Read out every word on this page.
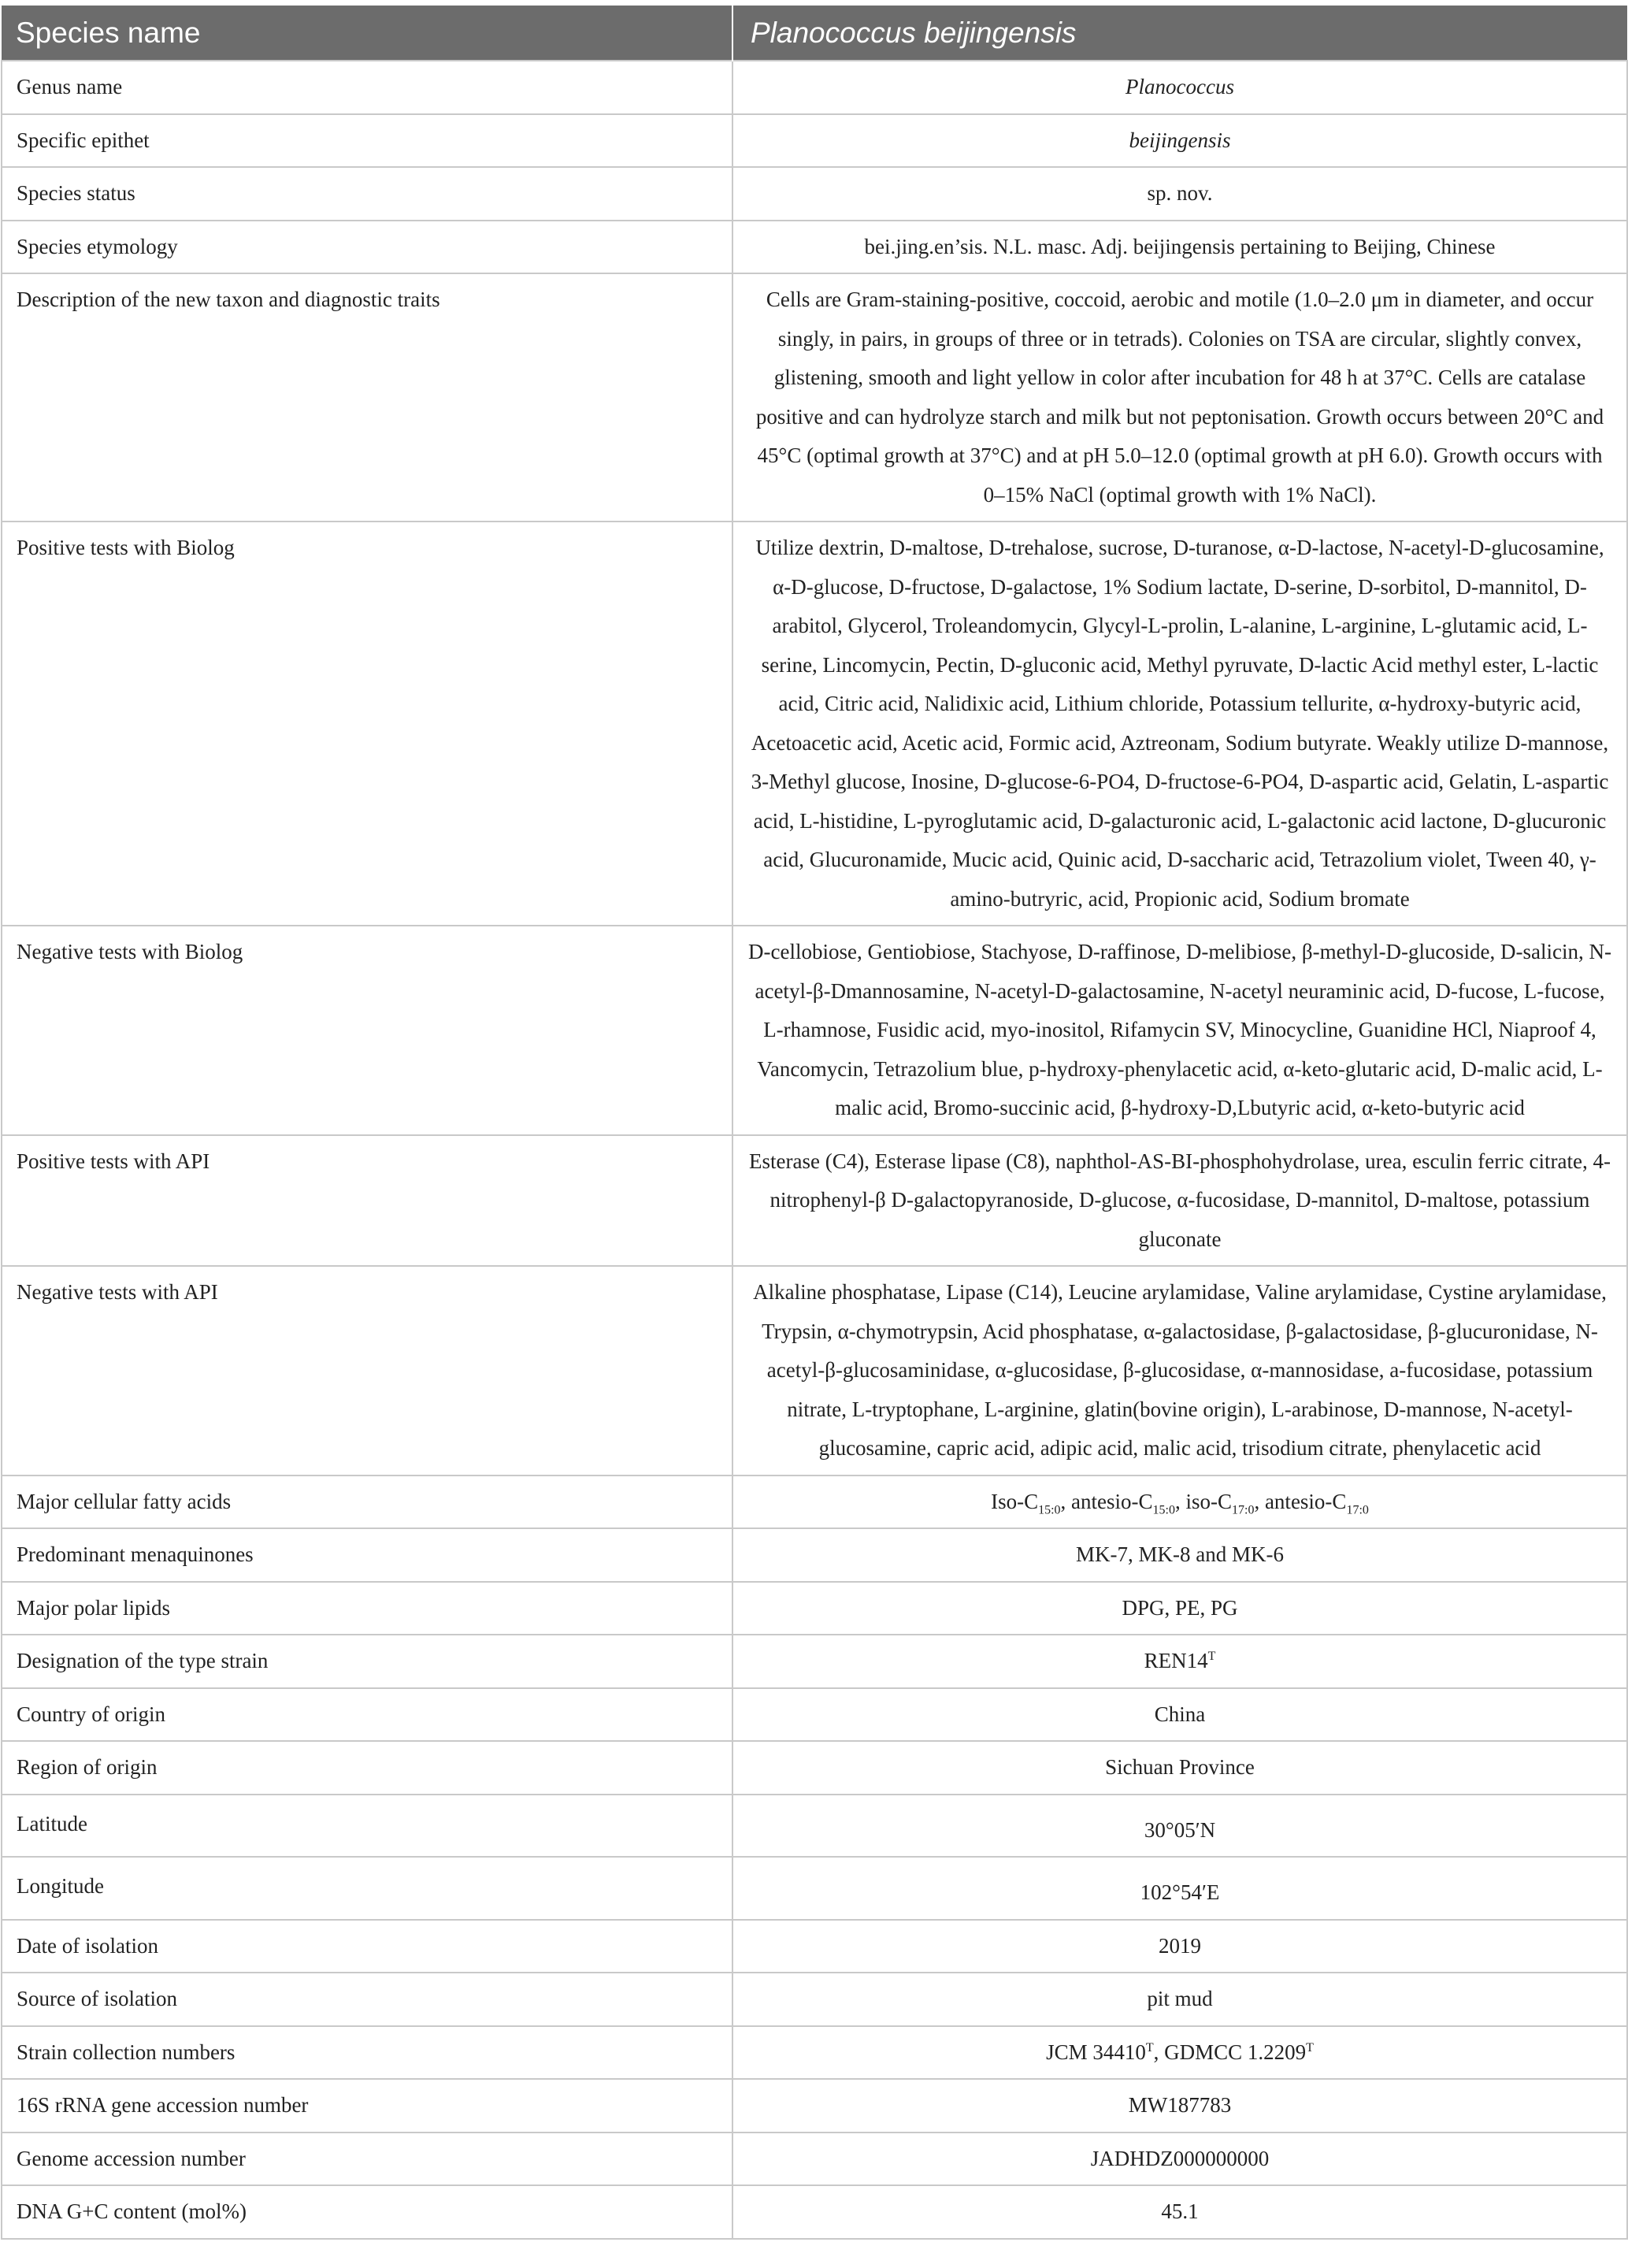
Species name	Planococcus beijingensis
Genus name	Planococcus
Specific epithet	beijingensis
Species status	sp. nov.
Species etymology	bei.jing.en’sis. N.L. masc. Adj. beijingensis pertaining to Beijing, Chinese
Description of the new taxon and diagnostic traits	Cells are Gram-staining-positive, coccoid, aerobic and motile (1.0–2.0 μm in diameter, and occur singly, in pairs, in groups of three or in tetrads). Colonies on TSA are circular, slightly convex, glistening, smooth and light yellow in color after incubation for 48 h at 37°C. Cells are catalase positive and can hydrolyze starch and milk but not peptonisation. Growth occurs between 20°C and 45°C (optimal growth at 37°C) and at pH 5.0–12.0 (optimal growth at pH 6.0). Growth occurs with 0–15% NaCl (optimal growth with 1% NaCl).
Positive tests with Biolog	Utilize dextrin, D-maltose, D-trehalose, sucrose, D-turanose, α-D-lactose, N-acetyl-D-glucosamine, α-D-glucose, D-fructose, D-galactose, 1% Sodium lactate, D-serine, D-sorbitol, D-mannitol, D-arabitol, Glycerol, Troleandomycin, Glycyl-L-prolin, L-alanine, L-arginine, L-glutamic acid, L-serine, Lincomycin, Pectin, D-gluconic acid, Methyl pyruvate, D-lactic Acid methyl ester, L-lactic acid, Citric acid, Nalidixic acid, Lithium chloride, Potassium tellurite, α-hydroxy-butyric acid, Acetoacetic acid, Acetic acid, Formic acid, Aztreonam, Sodium butyrate. Weakly utilize D-mannose, 3-Methyl glucose, Inosine, D-glucose-6-PO4, D-fructose-6-PO4, D-aspartic acid, Gelatin, L-aspartic acid, L-histidine, L-pyroglutamic acid, D-galacturonic acid, L-galactonic acid lactone, D-glucuronic acid, Glucuronamide, Mucic acid, Quinic acid, D-saccharic acid, Tetrazolium violet, Tween 40, γ-amino-butryric, acid, Propionic acid, Sodium bromate
Negative tests with Biolog	D-cellobiose, Gentiobiose, Stachyose, D-raffinose, D-melibiose, β-methyl-D-glucoside, D-salicin, N-acetyl-β-Dmannosamine, N-acetyl-D-galactosamine, N-acetyl neuraminic acid, D-fucose, L-fucose, L-rhamnose, Fusidic acid, myo-inositol, Rifamycin SV, Minocycline, Guanidine HCl, Niaproof 4, Vancomycin, Tetrazolium blue, p-hydroxy-phenylacetic acid, α-keto-glutaric acid, D-malic acid, L-malic acid, Bromo-succinic acid, β-hydroxy-D,Lbutyric acid, α-keto-butyric acid
Positive tests with API	Esterase (C4), Esterase lipase (C8), naphthol-AS-BI-phosphohydrolase, urea, esculin ferric citrate, 4-nitrophenyl-β D-galactopyranoside, D-glucose, α-fucosidase, D-mannitol, D-maltose, potassium gluconate
Negative tests with API	Alkaline phosphatase, Lipase (C14), Leucine arylamidase, Valine arylamidase, Cystine arylamidase, Trypsin, α-chymotrypsin, Acid phosphatase, α-galactosidase, β-galactosidase, β-glucuronidase, N-acetyl-β-glucosaminidase, α-glucosidase, β-glucosidase, α-mannosidase, a-fucosidase, potassium nitrate, L-tryptophane, L-arginine, glatin(bovine origin), L-arabinose, D-mannose, N-acetyl-glucosamine, capric acid, adipic acid, malic acid, trisodium citrate, phenylacetic acid
Major cellular fatty acids	Iso-$C_{15:0}$, antesio-$C_{15:0}$, iso-$C_{17:0}$, antesio-$C_{17:0}$
Predominant menaquinones	MK-7, MK-8 and MK-6
Major polar lipids	DPG, PE, PG
Designation of the type strain	$REN14^T$
Country of origin	China
Region of origin	Sichuan Province
Latitude	30°05′N
Longitude	102°54′E
Date of isolation	2019
Source of isolation	pit mud
Strain collection numbers	JCM $34410^T$, GDMCC $1.2209^T$
16S rRNA gene accession number	MW187783
Genome accession number	JADHDZ000000000
DNA G+C content (mol%)	45.1
